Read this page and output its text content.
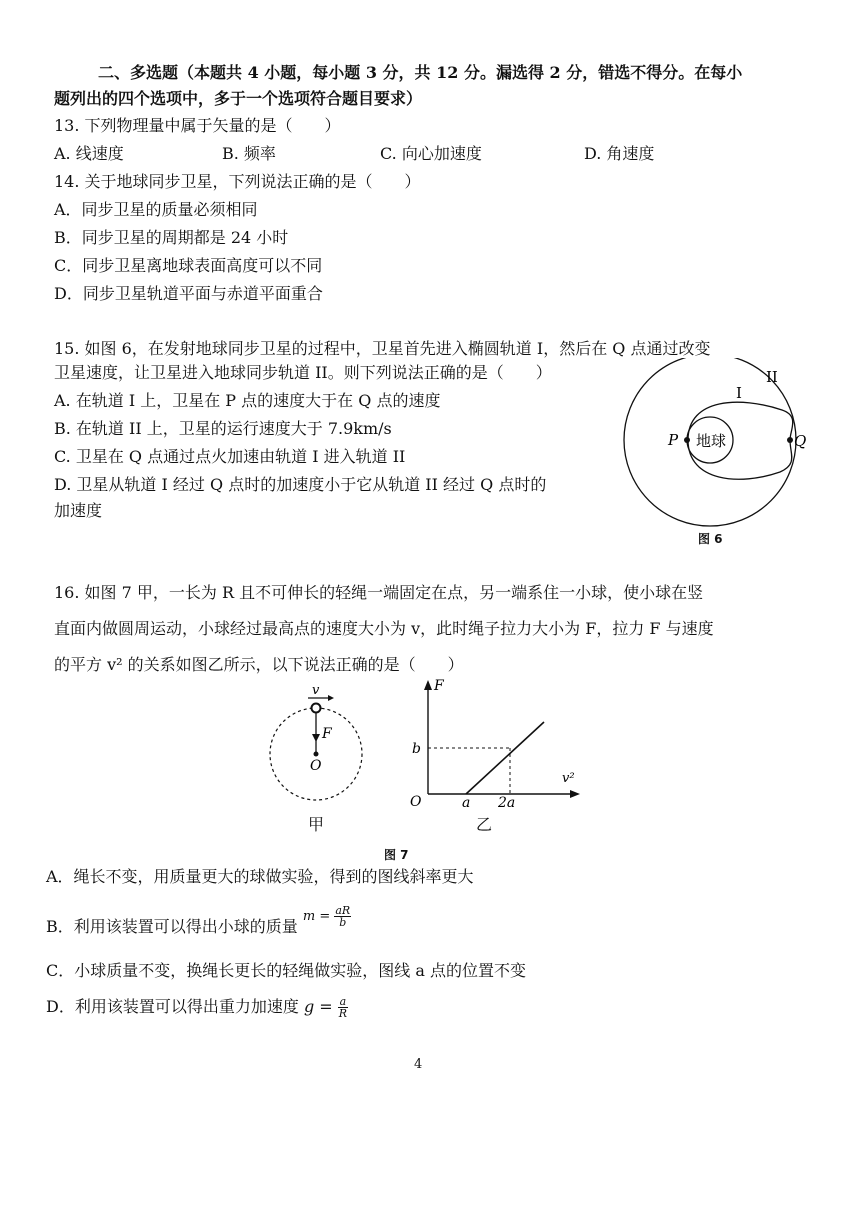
二、多选题（本题共 4 小题，每小题 3 分，共 12 分。漏选得 2 分，错选不得分。在每小
题列出的四个选项中，多于一个选项符合题目要求）
13. 下列物理量中属于矢量的是（　　）
A. 线速度	B. 频率	C. 向心加速度	D. 角速度
14. 关于地球同步卫星，下列说法正确的是（　　）
A．同步卫星的质量必须相同
B．同步卫星的周期都是 24 小时
C．同步卫星离地球表面高度可以不同
D．同步卫星轨道平面与赤道平面重合
15. 如图 6，在发射地球同步卫星的过程中，卫星首先进入椭圆轨道 I，然后在 Q 点通过改变
卫星速度，让卫星进入地球同步轨道 II。则下列说法正确的是（　　）
A. 在轨道 I 上，卫星在 P 点的速度大于在 Q 点的速度
B. 在轨道 II 上，卫星的运行速度大于 7.9km/s
C. 卫星在 Q 点通过点火加速由轨道 I 进入轨道 II
D. 卫星从轨道 I 经过 Q 点时的加速度小于它从轨道 II 经过 Q 点时的
加速度
地球
P	Q
I
II
图 6
16. 如图 7 甲，一长为 R 且不可伸长的轻绳一端固定在点，另一端系住一小球，使小球在竖
直面内做圆周运动，小球经过最高点的速度大小为 v，此时绳子拉力大小为 F，拉力 F 与速度
的平方 v² 的关系如图乙所示，以下说法正确的是（　　）
v
F
O
甲
F
v²
O	a 2a
b
乙
图 7
A．绳长不变，用质量更大的球做实验，得到的图线斜率更大
B．利用该装置可以得出小球的质量 $^{m = \frac{aR}{b}}$
C．小球质量不变，换绳长更长的轻绳做实验，图线 a 点的位置不变
D．利用该装置可以得出重力加速度 $g = \frac{a}{R}$
4
